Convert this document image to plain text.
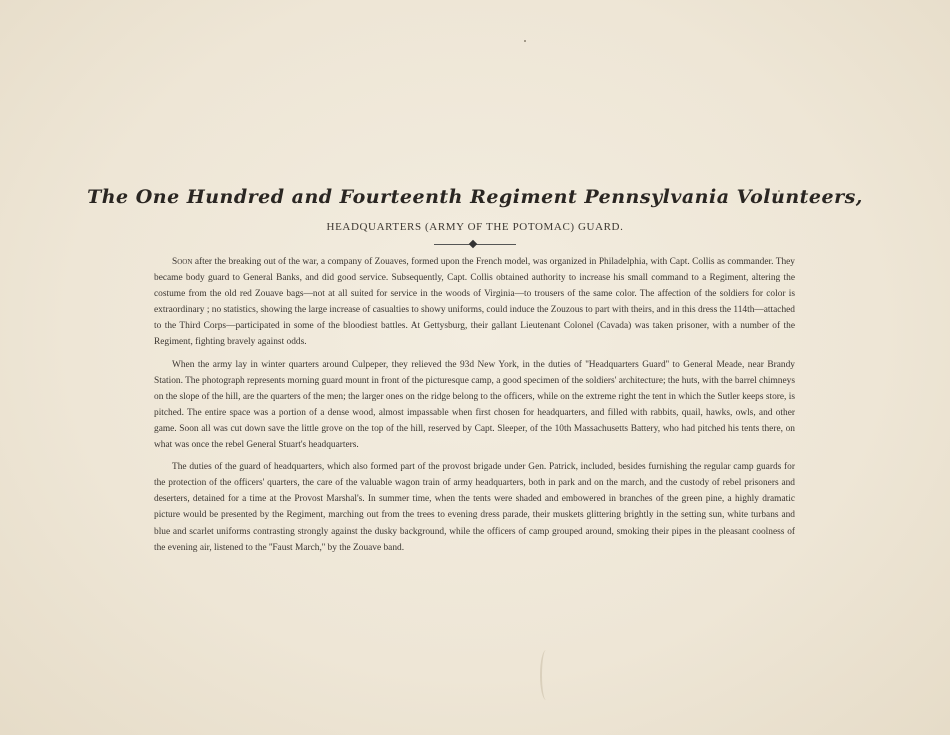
The One Hundred and Fourteenth Regiment Pennsylvania Volunteers,
HEADQUARTERS (ARMY OF THE POTOMAC) GUARD.

Soon after the breaking out of the war, a company of Zouaves, formed upon the French model, was organized in Philadelphia, with Capt. Collis as commander. They became body guard to General Banks, and did good service. Subsequently, Capt. Collis obtained authority to increase his small command to a Regiment, altering the costume from the old red Zouave bags—not at all suited for service in the woods of Virginia—to trousers of the same color. The affection of the soldiers for color is extraordinary ; no statistics, showing the large increase of casualties to showy uniforms, could induce the Zouzous to part with theirs, and in this dress the 114th—attached to the Third Corps—participated in some of the bloodiest battles. At Gettysburg, their gallant Lieutenant Colonel (Cavada) was taken prisoner, with a number of the Regiment, fighting bravely against odds.

When the army lay in winter quarters around Culpeper, they relieved the 93d New York, in the duties of ''Headquarters Guard'' to General Meade, near Brandy Station. The photograph represents morning guard mount in front of the picturesque camp, a good specimen of the soldiers' architecture; the huts, with the barrel chimneys on the slope of the hill, are the quarters of the men; the larger ones on the ridge belong to the officers, while on the extreme right the tent in which the Sutler keeps store, is pitched. The entire space was a portion of a dense wood, almost impassable when first chosen for headquarters, and filled with rabbits, quail, hawks, owls, and other game. Soon all was cut down save the little grove on the top of the hill, reserved by Capt. Sleeper, of the 10th Massachusetts Battery, who had pitched his tents there, on what was once the rebel General Stuart's headquarters.

The duties of the guard of headquarters, which also formed part of the provost brigade under Gen. Patrick, included, besides furnishing the regular camp guards for the protection of the officers' quarters, the care of the valuable wagon train of army headquarters, both in park and on the march, and the custody of rebel prisoners and deserters, detained for a time at the Provost Marshal's. In summer time, when the tents were shaded and embowered in branches of the green pine, a highly dramatic picture would be presented by the Regiment, marching out from the trees to evening dress parade, their muskets glittering brightly in the setting sun, white turbans and blue and scarlet uniforms contrasting strongly against the dusky background, while the officers of camp grouped around, smoking their pipes in the pleasant coolness of the evening air, listened to the ''Faust March,'' by the Zouave band.
